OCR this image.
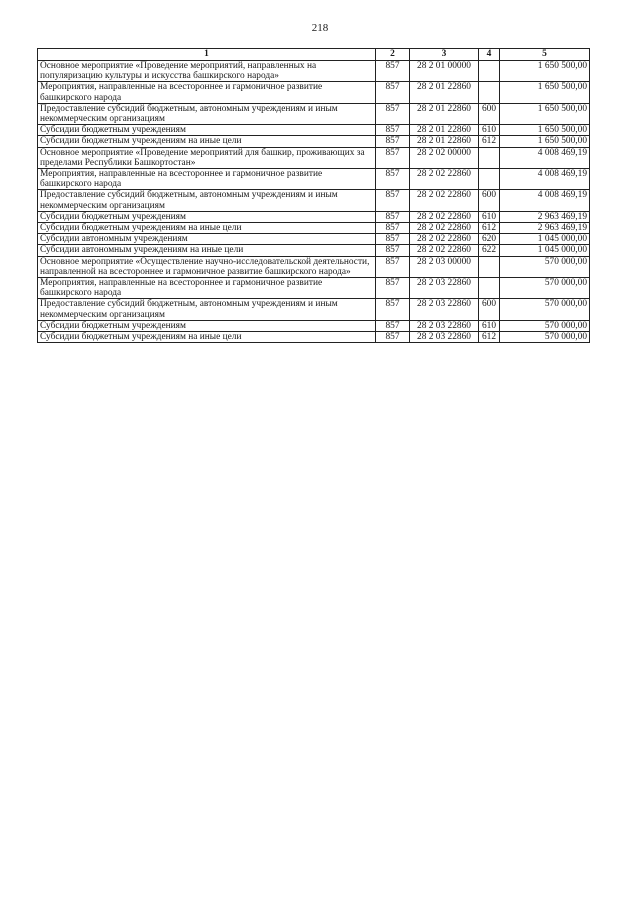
218
1	2	3	4	5
Основное мероприятие «Проведение мероприятий, направленных на популяризацию культуры и искусства башкирского народа»	857	28 2 01 00000		1 650 500,00
Мероприятия, направленные на всестороннее и гармоничное развитие башкирского народа	857	28 2 01 22860		1 650 500,00
Предоставление субсидий бюджетным, автономным учреждениям и иным некоммерческим организациям	857	28 2 01 22860	600	1 650 500,00
Субсидии бюджетным учреждениям	857	28 2 01 22860	610	1 650 500,00
Субсидии бюджетным учреждениям на иные цели	857	28 2 01 22860	612	1 650 500,00
Основное мероприятие «Проведение мероприятий для башкир, проживающих за пределами Республики Башкортостан»	857	28 2 02 00000		4 008 469,19
Мероприятия, направленные на всестороннее и гармоничное развитие башкирского народа	857	28 2 02 22860		4 008 469,19
Предоставление субсидий бюджетным, автономным учреждениям и иным некоммерческим организациям	857	28 2 02 22860	600	4 008 469,19
Субсидии бюджетным учреждениям	857	28 2 02 22860	610	2 963 469,19
Субсидии бюджетным учреждениям на иные цели	857	28 2 02 22860	612	2 963 469,19
Субсидии автономным учреждениям	857	28 2 02 22860	620	1 045 000,00
Субсидии автономным учреждениям на иные цели	857	28 2 02 22860	622	1 045 000,00
Основное мероприятие «Осуществление научно-исследовательской деятельности, направленной на всестороннее и гармоничное развитие башкирского народа»	857	28 2 03 00000		570 000,00
Мероприятия, направленные на всестороннее и гармоничное развитие башкирского народа	857	28 2 03 22860		570 000,00
Предоставление субсидий бюджетным, автономным учреждениям и иным некоммерческим организациям	857	28 2 03 22860	600	570 000,00
Субсидии бюджетным учреждениям	857	28 2 03 22860	610	570 000,00
Субсидии бюджетным учреждениям на иные цели	857	28 2 03 22860	612	570 000,00
